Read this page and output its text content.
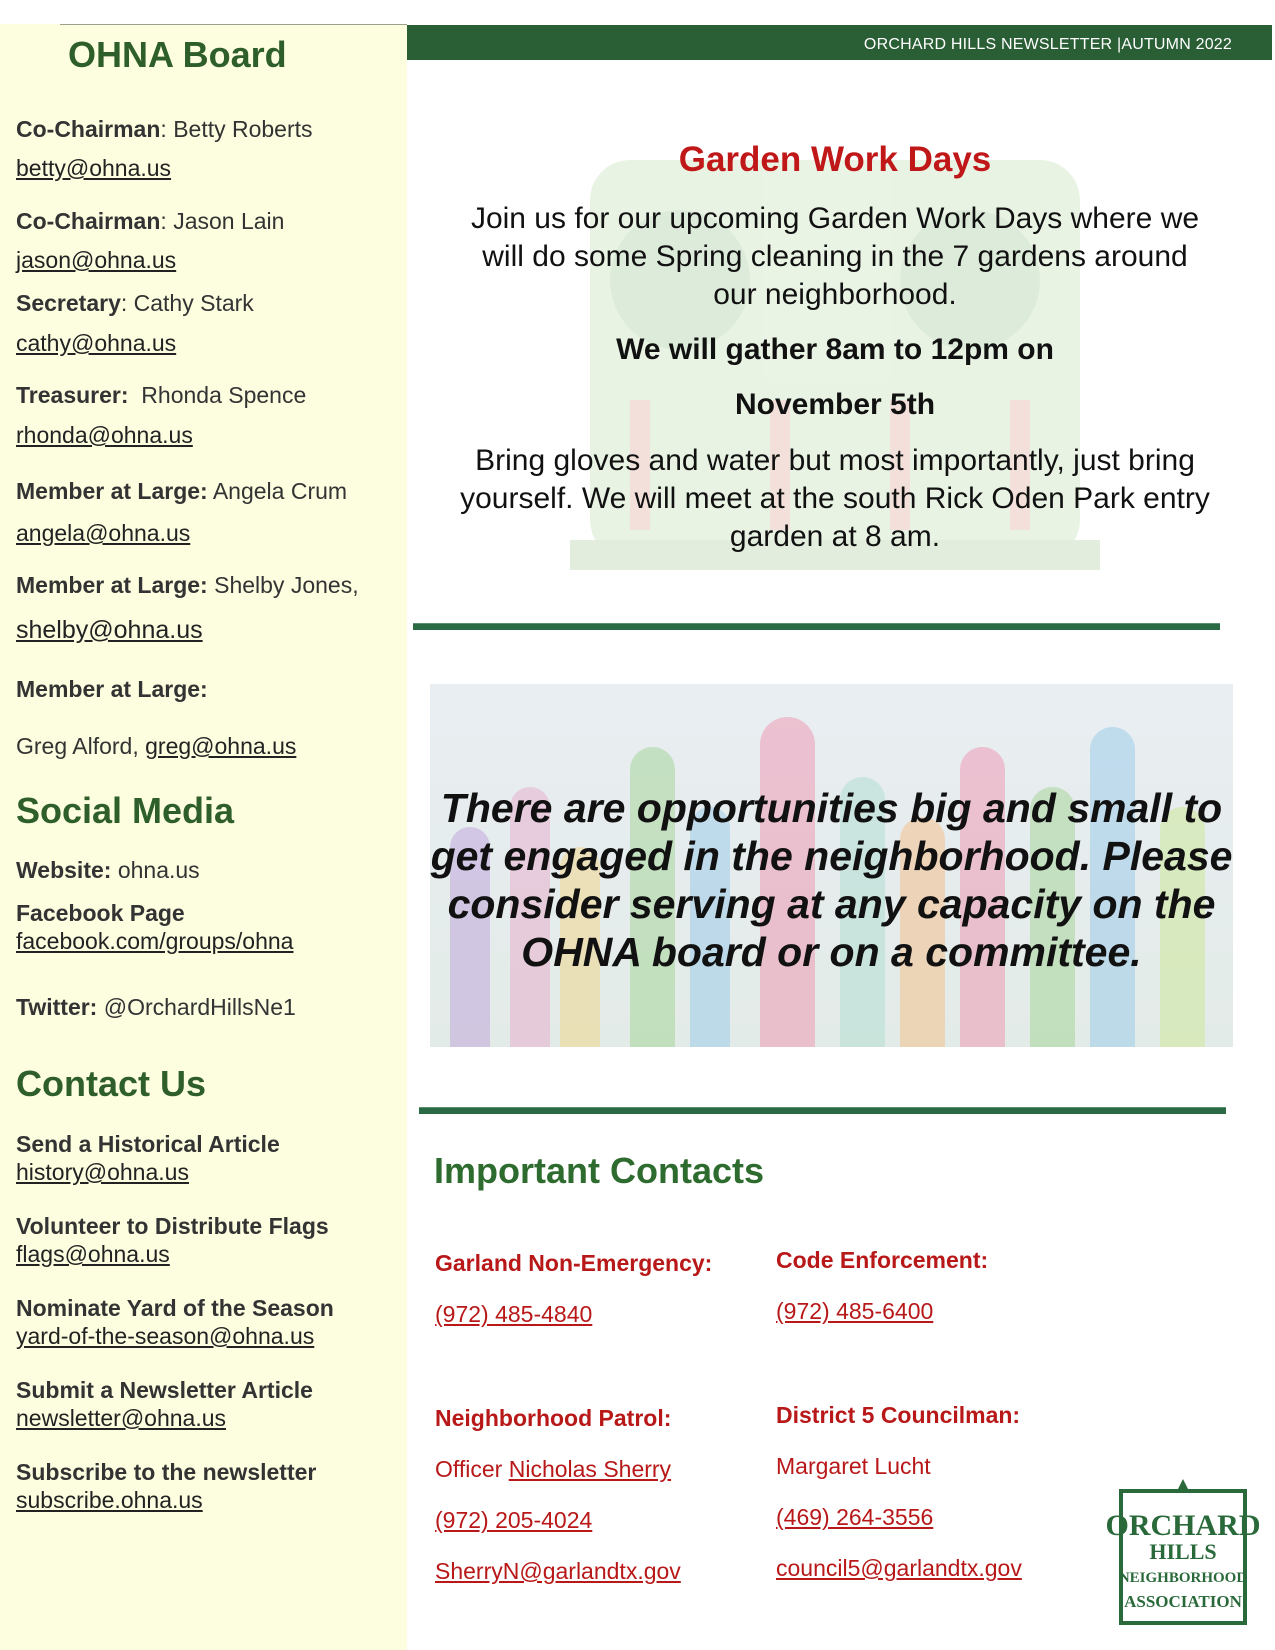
OHNA Board
Co-Chairman: Betty Roberts
betty@ohna.us
Co-Chairman: Jason Lain
jason@ohna.us
Secretary: Cathy Stark
cathy@ohna.us
Treasurer: Rhonda Spence
rhonda@ohna.us
Member at Large: Angela Crum
angela@ohna.us
Member at Large: Shelby Jones,
shelby@ohna.us
Member at Large:
Greg Alford, greg@ohna.us
Social Media
Website: ohna.us
Facebook Page
facebook.com/groups/ohna
Twitter: @OrchardHillsNe1
Contact Us
Send a Historical Article
history@ohna.us
Volunteer to Distribute Flags
flags@ohna.us
Nominate Yard of the Season
yard-of-the-season@ohna.us
Submit a Newsletter Article
newsletter@ohna.us
Subscribe to the newsletter
subscribe.ohna.us
ORCHARD HILLS NEWSLETTER |AUTUMN 2022
Garden Work Days
Join us for our upcoming Garden Work Days where we will do some Spring cleaning in the 7 gardens around our neighborhood.
We will gather 8am to 12pm on
November 5th
Bring gloves and water but most importantly, just bring yourself. We will meet at the south Rick Oden Park entry garden at 8 am.
There are opportunities big and small to get engaged in the neighborhood. Please consider serving at any capacity on the OHNA board or on a committee.
Important Contacts
Garland Non-Emergency:
(972) 485-4840
Code Enforcement:
(972) 485-6400
Neighborhood Patrol:
Officer Nicholas Sherry
(972) 205-4024
SherryN@garlandtx.gov
District 5 Councilman:
Margaret Lucht
(469) 264-3556
council5@garlandtx.gov
ORCHARD
HILLS
NEIGHBORHOOD
ASSOCIATION
